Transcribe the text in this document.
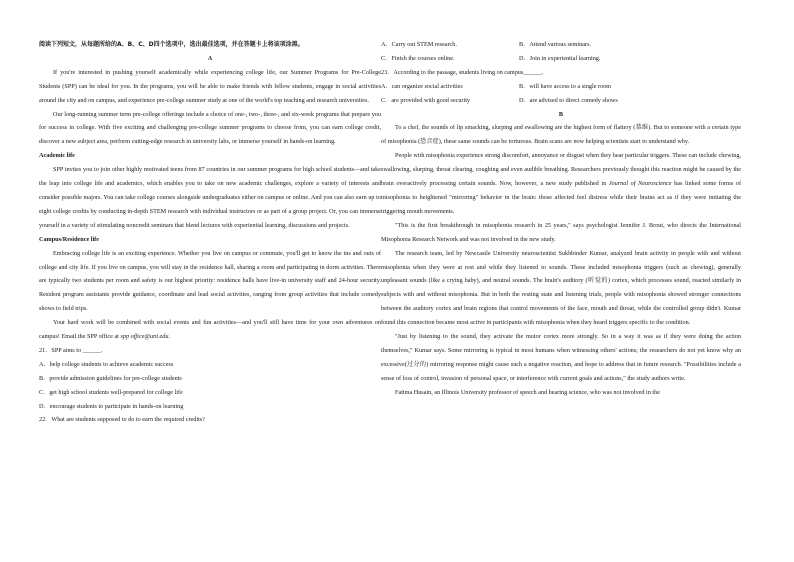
阅读下列短文，从每题所给的A、B、C、D四个选项中，选出最佳选项，并在答题卡上将该项涂黑。

A

If you're interested in pushing yourself academically while experiencing college life, our Summer Programs for Pre-College Students (SPP) can be ideal for you. In the programs, you will be able to make friends with fellow students, engage in social activities around the city and on campus, and experience pre-college summer study at one of the world's top teaching and research universities.

Our long-running summer term pre-college offerings include a choice of one-, two-, three-, and six-week programs that prepare you for success in college. With five exciting and challenging pre-college summer programs to choose from, you can earn college credit, discover a new subject area, perform cutting-edge research in university labs, or immerse yourself in hands-on learning.

Academic life

SPP invites you to join other highly motivated teens from 87 countries in our summer programs for high school students—and take the leap into college life and academics, which enables you to take on new academic challenges, explore a variety of interests and consider possible majors. You can take college courses alongside undergraduates either on campus or online. And you can also earn up to eight college credits by conducting in-depth STEM research with individual instructors or as part of a group project. Or, you can immerse yourself in a variety of stimulating noncredit seminars that blend lectures with experiential learning, discussions and projects.

Campus/Residence life

Embracing college life is an exciting experience. Whether you live on campus or commute, you'll get to know the ins and outs of college and city life. If you live on campus, you will stay in the residence hall, sharing a room and participating in dorm activities. There are typically two students per room and safety is our highest priority: residence halls have live-in university staff and 24-hour security. Resident program assistants provide guidance, coordinate and lead social activities, ranging from group activities that include comedy shows to field trips.

Your hard work will be combined with social events and fun activities—and you'll still have time for your own adventures on campus! Email the SPP office at spp office@uni.edu.

21．SPP aims to ______.

A．help college students to achieve academic success

B．provide admission guidelines for pre-college students

C．get high school students well-prepared for college life

D．encourage students to participate in hands-on learning

22．What are students supposed to do to earn the required credits?

A．Carry out STEM research.	B．Attend various seminars.
C．Finish the courses online.	D．Join in experiential learning.

23．According to the passage, students living on campus______.

A．can organize social activities	B．will have access to a single room
C．are provided with good security	D．are advised to direct comedy shows

B

To a chef, the sounds of lip smacking, slurping and swallowing are the highest form of flattery (恭维). But to someone with a certain type of misophonia (恐音症), these same sounds can be torturous. Brain scans are now helping scientists start to understand why.

People with misophonia experience strong discomfort, annoyance or disgust when they hear particular triggers. These can include chewing, swallowing, slurping, throat clearing, coughing and even audible breathing. Researchers previously thought this reaction might be caused by the brain overactively processing certain sounds. Now, however, a new study published in Journal of Neuroscience has linked some forms of misophonia to heightened "mirroring" behavior in the brain: those affected feel distress while their brains act as if they were imitating the triggering mouth movements.

"This is the first breakthrough in misophonia research in 25 years," says psychologist Jennifer J. Brout, who directs the International Misophonia Research Network and was not involved in the new study.

The research team, led by Newcastle University neuroscientist Sukhbinder Kumar, analyzed brain activity in people with and without misophonia when they were at rest and while they listened to sounds. These included misophonia triggers (such as chewing), generally unpleasant sounds (like a crying baby), and neutral sounds. The brain's auditory (听觉的) cortex, which processes sound, reacted similarly in subjects with and without misophonia. But in both the resting state and listening trials, people with misophonia showed stronger connections between the auditory cortex and brain regions that control movements of the face, mouth and throat, while the controlled group didn't. Kumar found this connection became most active in participants with misophonia when they heard triggers specific to the condition.

"Just by listening to the sound, they activate the motor cortex more strongly. So in a way it was as if they were doing the action themselves," Kumar says. Some mirroring is typical in most humans when witnessing others' actions; the researchers do not yet know why an excessive(过分的) mirroring response might cause such a negative reaction, and hope to address that in future research. "Possibilities include a sense of loss of control, invasion of personal space, or interference with current goals and actions," the study authors write.

Fatima Husain, an Illinois University professor of speech and hearing science, who was not involved in the
